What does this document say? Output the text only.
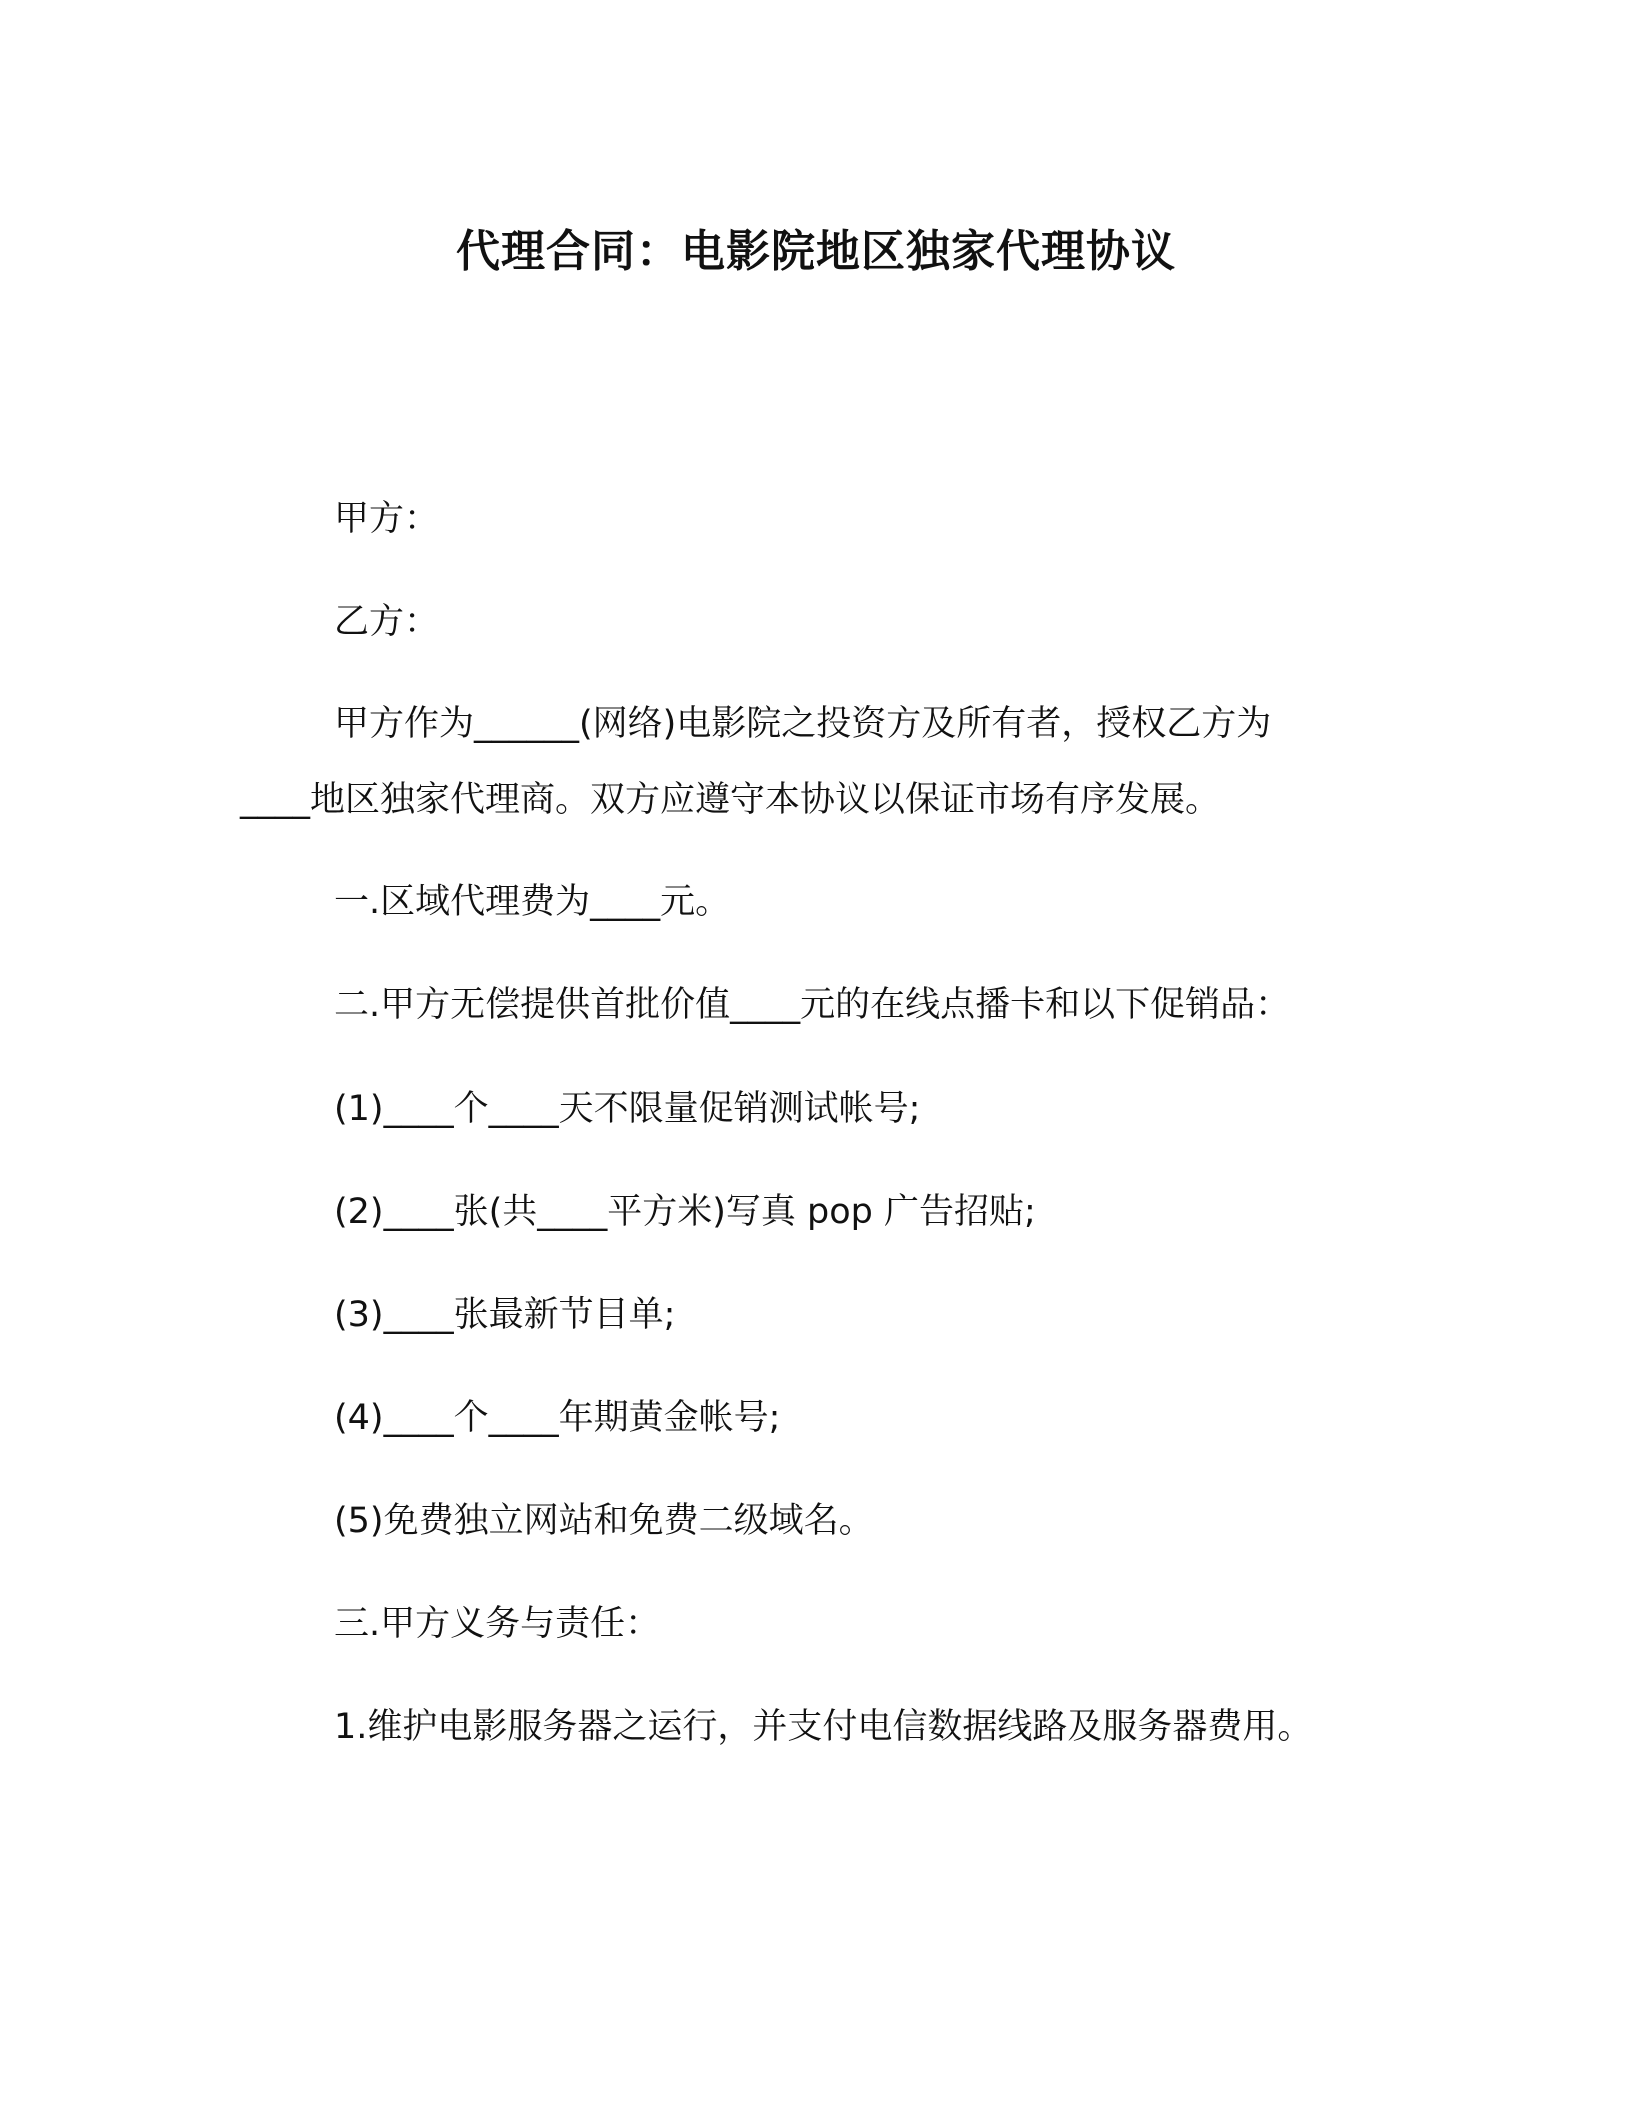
代理合同：电影院地区独家代理协议
甲方：
乙方：
甲方作为______(网络)电影院之投资方及所有者，授权乙方为
____地区独家代理商。双方应遵守本协议以保证市场有序发展。
一.区域代理费为____元。
二.甲方无偿提供首批价值____元的在线点播卡和以下促销品：
(1)____个____天不限量促销测试帐号;
(2)____张(共____平方米)写真 pop 广告招贴;
(3)____张最新节目单;
(4)____个____年期黄金帐号;
(5)免费独立网站和免费二级域名。
三.甲方义务与责任：
1.维护电影服务器之运行，并支付电信数据线路及服务器费用。
